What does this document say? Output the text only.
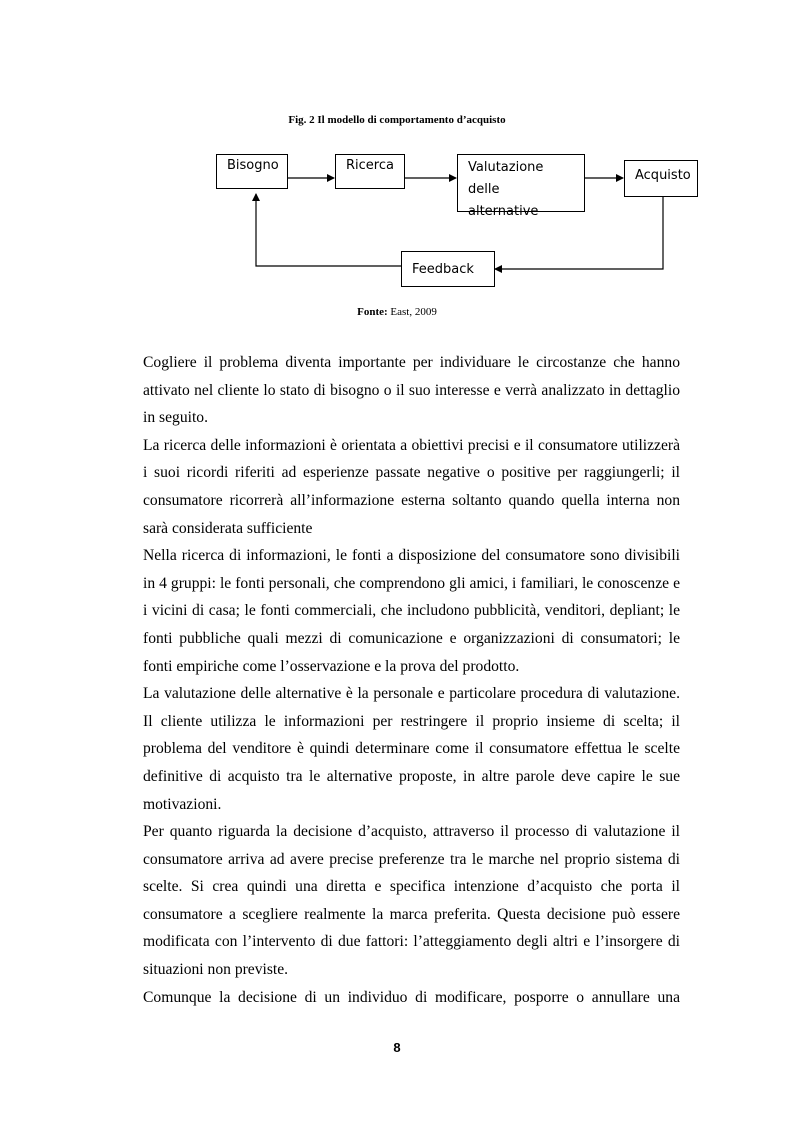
Fig. 2 Il modello di comportamento d’acquisto
Bisogno	Ricerca	Valutazione delle
alternative
Acquisto
Feedback
Fonte: East, 2009

Cogliere il problema diventa importante per individuare le circostanze che hanno attivato nel cliente lo stato di bisogno o il suo interesse e verrà analizzato in dettaglio in seguito.

La ricerca delle informazioni è orientata a obiettivi precisi e il consumatore utilizzerà i suoi ricordi riferiti ad esperienze passate negative o positive per raggiungerli; il consumatore ricorrerà all’informazione esterna soltanto quando quella interna non sarà considerata sufficiente

Nella ricerca di informazioni, le fonti a disposizione del consumatore sono divisibili in 4 gruppi: le fonti personali, che comprendono gli amici, i familiari, le conoscenze e i vicini di casa; le fonti commerciali, che includono pubblicità, venditori, depliant; le fonti pubbliche quali mezzi di comunicazione e organizzazioni di consumatori; le fonti empiriche come l’osservazione e la prova del prodotto.

La valutazione delle alternative è la personale e particolare procedura di valutazione. Il cliente utilizza le informazioni per restringere il proprio insieme di scelta; il problema del venditore è quindi determinare come il consumatore effettua le scelte definitive di acquisto tra le alternative proposte, in altre parole deve capire le sue motivazioni.

Per quanto riguarda la decisione d’acquisto, attraverso il processo di valutazione il consumatore arriva ad avere precise preferenze tra le marche nel proprio sistema di scelte. Si crea quindi una diretta e specifica intenzione d’acquisto che porta il consumatore a scegliere realmente la marca preferita. Questa decisione può essere modificata con l’intervento di due fattori: l’atteggiamento degli altri e l’insorgere di situazioni non previste.

Comunque la decisione di un individuo di modificare, posporre o annullare una

8
